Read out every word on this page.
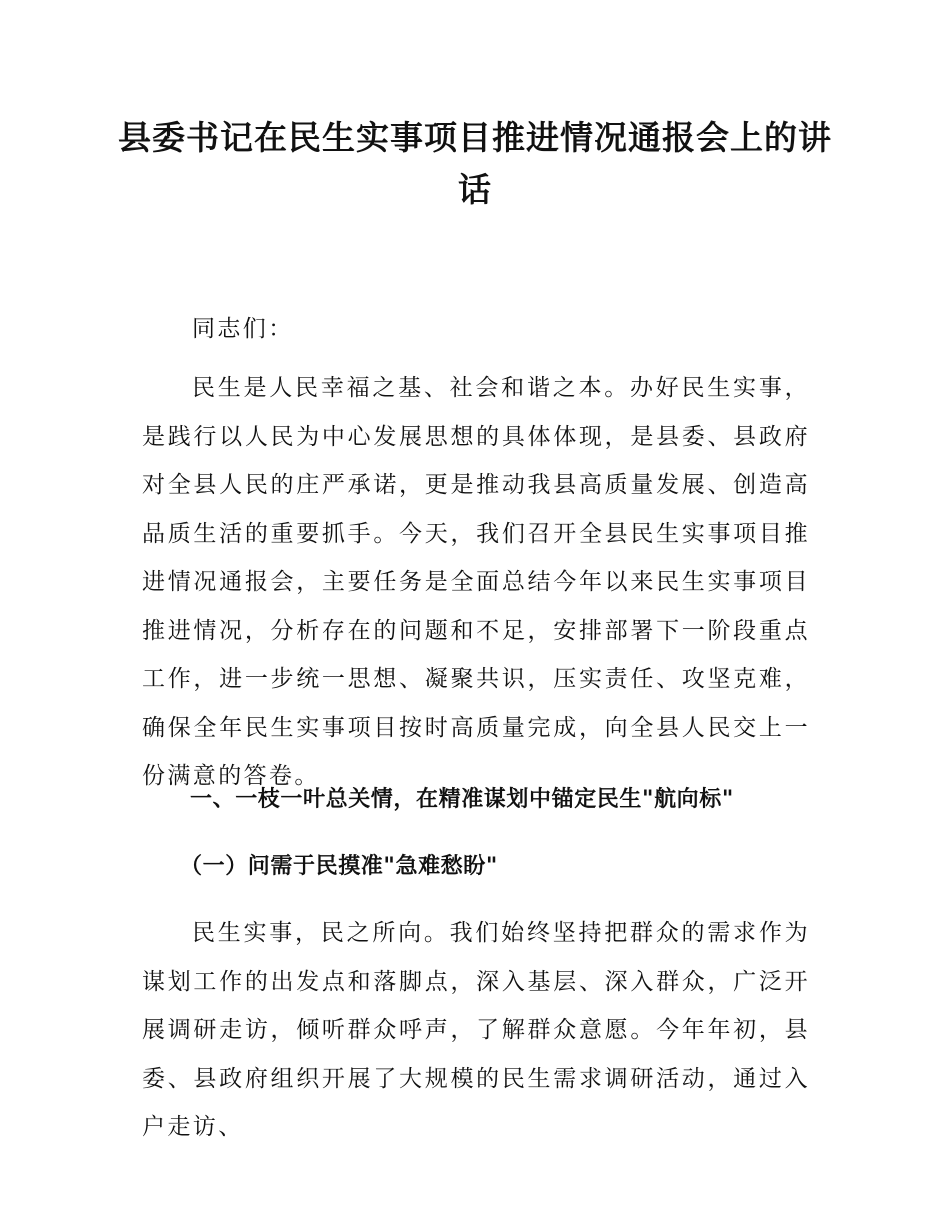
县委书记在民生实事项目推进情况通报会上的讲话

同志们：

民生是人民幸福之基、社会和谐之本。办好民生实事，是践行以人民为中心发展思想的具体体现，是县委、县政府对全县人民的庄严承诺，更是推动我县高质量发展、创造高品质生活的重要抓手。今天，我们召开全县民生实事项目推进情况通报会，主要任务是全面总结今年以来民生实事项目推进情况，分析存在的问题和不足，安排部署下一阶段重点工作，进一步统一思想、凝聚共识，压实责任、攻坚克难，确保全年民生实事项目按时高质量完成，向全县人民交上一份满意的答卷。

一、一枝一叶总关情，在精准谋划中锚定民生"航向标"
（一）问需于民摸准"急难愁盼"

民生实事，民之所向。我们始终坚持把群众的需求作为谋划工作的出发点和落脚点，深入基层、深入群众，广泛开展调研走访，倾听群众呼声，了解群众意愿。今年年初，县委、县政府组织开展了大规模的民生需求调研活动，通过入户走访、
